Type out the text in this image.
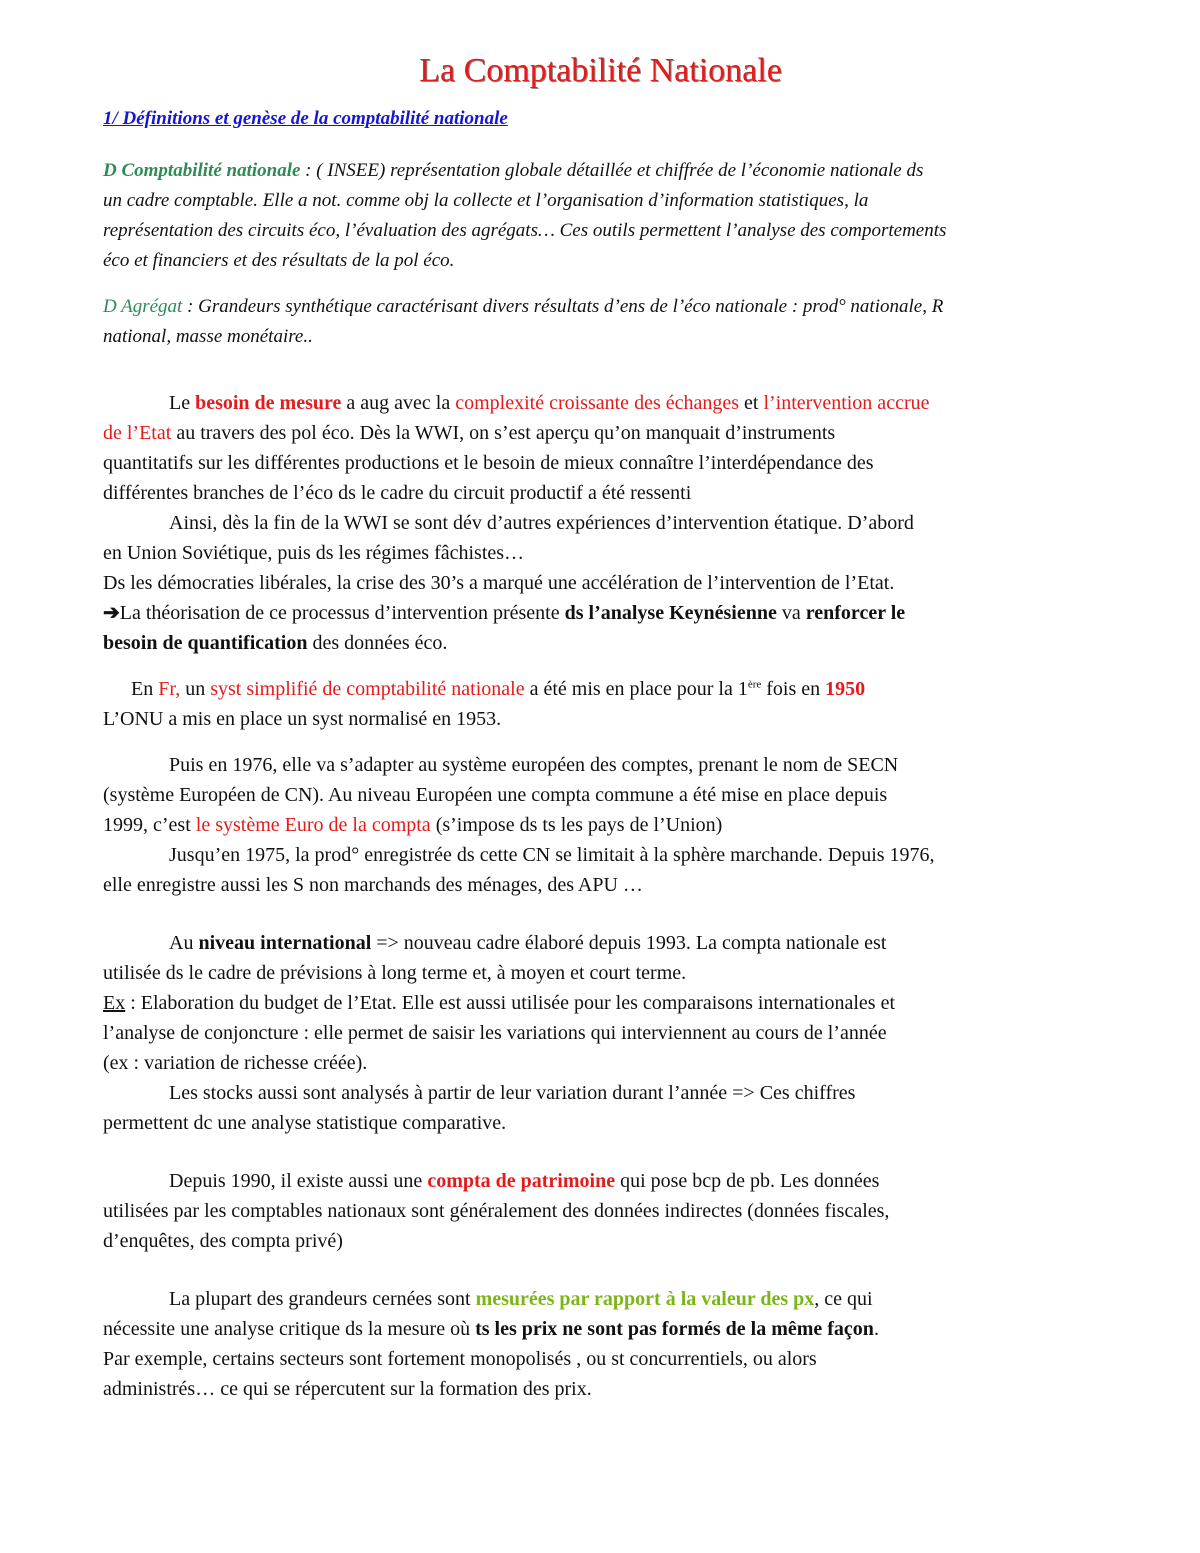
La Comptabilité Nationale
1/ Définitions et genèse de la comptabilité nationale

D Comptabilité nationale : ( INSEE) représentation globale détaillée et chiffrée de l’économie nationale ds
un cadre comptable. Elle a not. comme obj la collecte et l’organisation d’information statistiques, la
représentation des circuits éco, l’évaluation des agrégats… Ces outils permettent l’analyse des comportements
éco et financiers et des résultats de la pol éco.

D Agrégat : Grandeurs synthétique caractérisant divers résultats d’ens de l’éco nationale : prod° nationale, R
national, masse monétaire..

Le besoin de mesure a aug avec la complexité croissante des échanges et l’intervention accrue
de l’Etat au travers des pol éco. Dès la WWI, on s’est aperçu qu’on manquait d’instruments
quantitatifs sur les différentes productions et le besoin de mieux connaître l’interdépendance des
différentes branches de l’éco ds le cadre du circuit productif a été ressenti

Ainsi, dès la fin de la WWI se sont dév d’autres expériences d’intervention étatique. D’abord
en Union Soviétique, puis ds les régimes fâchistes…
Ds les démocraties libérales, la crise des 30’s a marqué une accélération de l’intervention de l’Etat.
➔La théorisation de ce processus d’intervention présente ds l’analyse Keynésienne va renforcer le
besoin de quantification des données éco.

En Fr, un syst simplifié de comptabilité nationale a été mis en place pour la 1ère fois en 1950
L’ONU a mis en place un syst normalisé en 1953.

Puis en 1976, elle va s’adapter au système européen des comptes, prenant le nom de SECN
(système Européen de CN). Au niveau Européen une compta commune a été mise en place depuis
1999, c’est le système Euro de la compta (s’impose ds ts les pays de l’Union)
Jusqu’en 1975, la prod° enregistrée ds cette CN se limitait à la sphère marchande. Depuis 1976,
elle enregistre aussi les S non marchands des ménages, des APU …

Au niveau international => nouveau cadre élaboré depuis 1993. La compta nationale est
utilisée ds le cadre de prévisions à long terme et, à moyen et court terme.
Ex : Elaboration du budget de l’Etat. Elle est aussi utilisée pour les comparaisons internationales et
l’analyse de conjoncture : elle permet de saisir les variations qui interviennent au cours de l’année
(ex : variation de richesse créée).
Les stocks aussi sont analysés à partir de leur variation durant l’année => Ces chiffres
permettent dc une analyse statistique comparative.

Depuis 1990, il existe aussi une compta de patrimoine qui pose bcp de pb. Les données
utilisées par les comptables nationaux sont généralement des données indirectes (données fiscales,
d’enquêtes, des compta privé)

La plupart des grandeurs cernées sont mesurées par rapport à la valeur des px, ce qui
nécessite une analyse critique ds la mesure où ts les prix ne sont pas formés de la même façon.
Par exemple, certains secteurs sont fortement monopolisés , ou st concurrentiels, ou alors
administrés… ce qui se répercutent sur la formation des prix.
